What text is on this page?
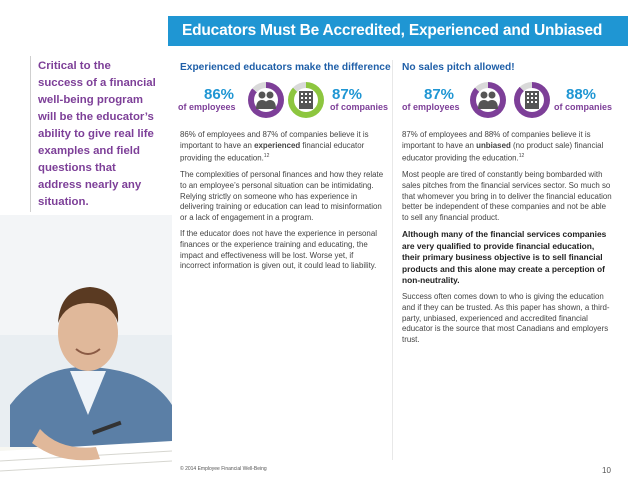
Educators Must Be Accredited, Experienced and Unbiased
Critical to the success of a financial well-being program will be the educator’s ability to give real life examples and field questions that address nearly any situation.
Experienced educators make the difference
86%
of employees
87%
of companies

86% of employees and 87% of companies believe it is important to have an experienced financial educator providing the education.$^{12}$

The complexities of personal finances and how they relate to an employee’s personal situation can be intimidating. Relying strictly on someone who has experience in delivering training or education can lead to misinformation or a lack of engagement in a program.

If the educator does not have the experience in personal finances or the experience training and educating, the impact and effectiveness will be lost. Worse yet, if incorrect information is given out, it could lead to liability.

No sales pitch allowed!
87%
of employees
88%
of companies

87% of employees and 88% of companies believe it is important to have an unbiased (no product sale) financial educator providing the education.$^{12}$

Most people are tired of constantly being bombarded with sales pitches from the financial services sector. So much so that whomever you bring in to deliver the financial education better be independent of these companies and not be able to sell any financial product.

Although many of the financial services companies are very qualified to provide financial education, their primary business objective is to sell financial products and this alone may create a perception of non-neutrality.

Success often comes down to who is giving the education and if they can be trusted. As this paper has shown, a third-party, unbiased, experienced and accredited financial educator is the source that most Canadians and employers trust.

© 2014 Employee Financial Well-Being	10
